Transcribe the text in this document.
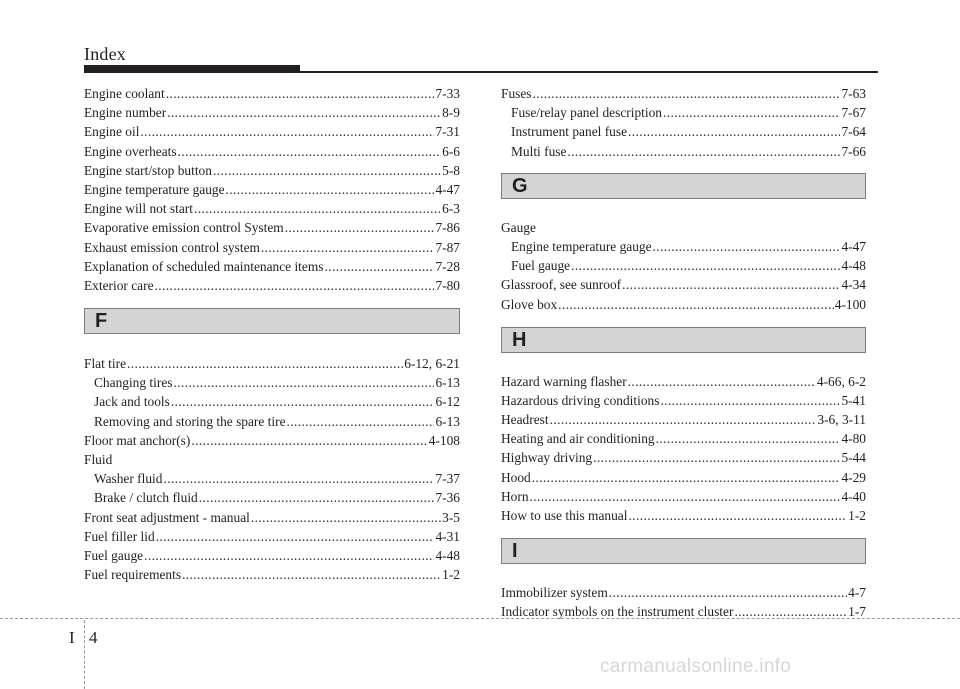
Index
Engine coolant .....	7-33
Engine number .....	8-9
Engine oil .....	7-31
Engine overheats .....	6-6
Engine start/stop button .....	5-8
Engine temperature gauge .....	4-47
Engine will not start .....	6-3
Evaporative emission control System .....	7-86
Exhaust emission control system .....	7-87
Explanation of scheduled maintenance items .....	7-28
Exterior care .....	7-80
F
Flat tire .....	6-12, 6-21
Changing tires .....	6-13
Jack and tools .....	6-12
Removing and storing the spare tire .....	6-13
Floor mat anchor(s) .....	4-108
Fluid
Washer fluid .....	7-37
Brake / clutch fluid .....	7-36
Front seat adjustment - manual .....	3-5
Fuel filler lid .....	4-31
Fuel gauge .....	4-48
Fuel requirements .....	1-2
Fuses .....	7-63
Fuse/relay panel description .....	7-67
Instrument panel fuse .....	7-64
Multi fuse .....	7-66
G
Gauge
Engine temperature gauge .....	4-47
Fuel gauge .....	4-48
Glassroof, see sunroof .....	4-34
Glove box .....	4-100
H
Hazard warning flasher .....	4-66, 6-2
Hazardous driving conditions .....	5-41
Headrest .....	3-6, 3-11
Heating and air conditioning .....	4-80
Highway driving .....	5-44
Hood .....	4-29
Horn .....	4-40
How to use this manual .....	1-2
I
Immobilizer system .....	4-7
Indicator symbols on the instrument cluster .....	1-7
I 4
carmanualsonline.info
